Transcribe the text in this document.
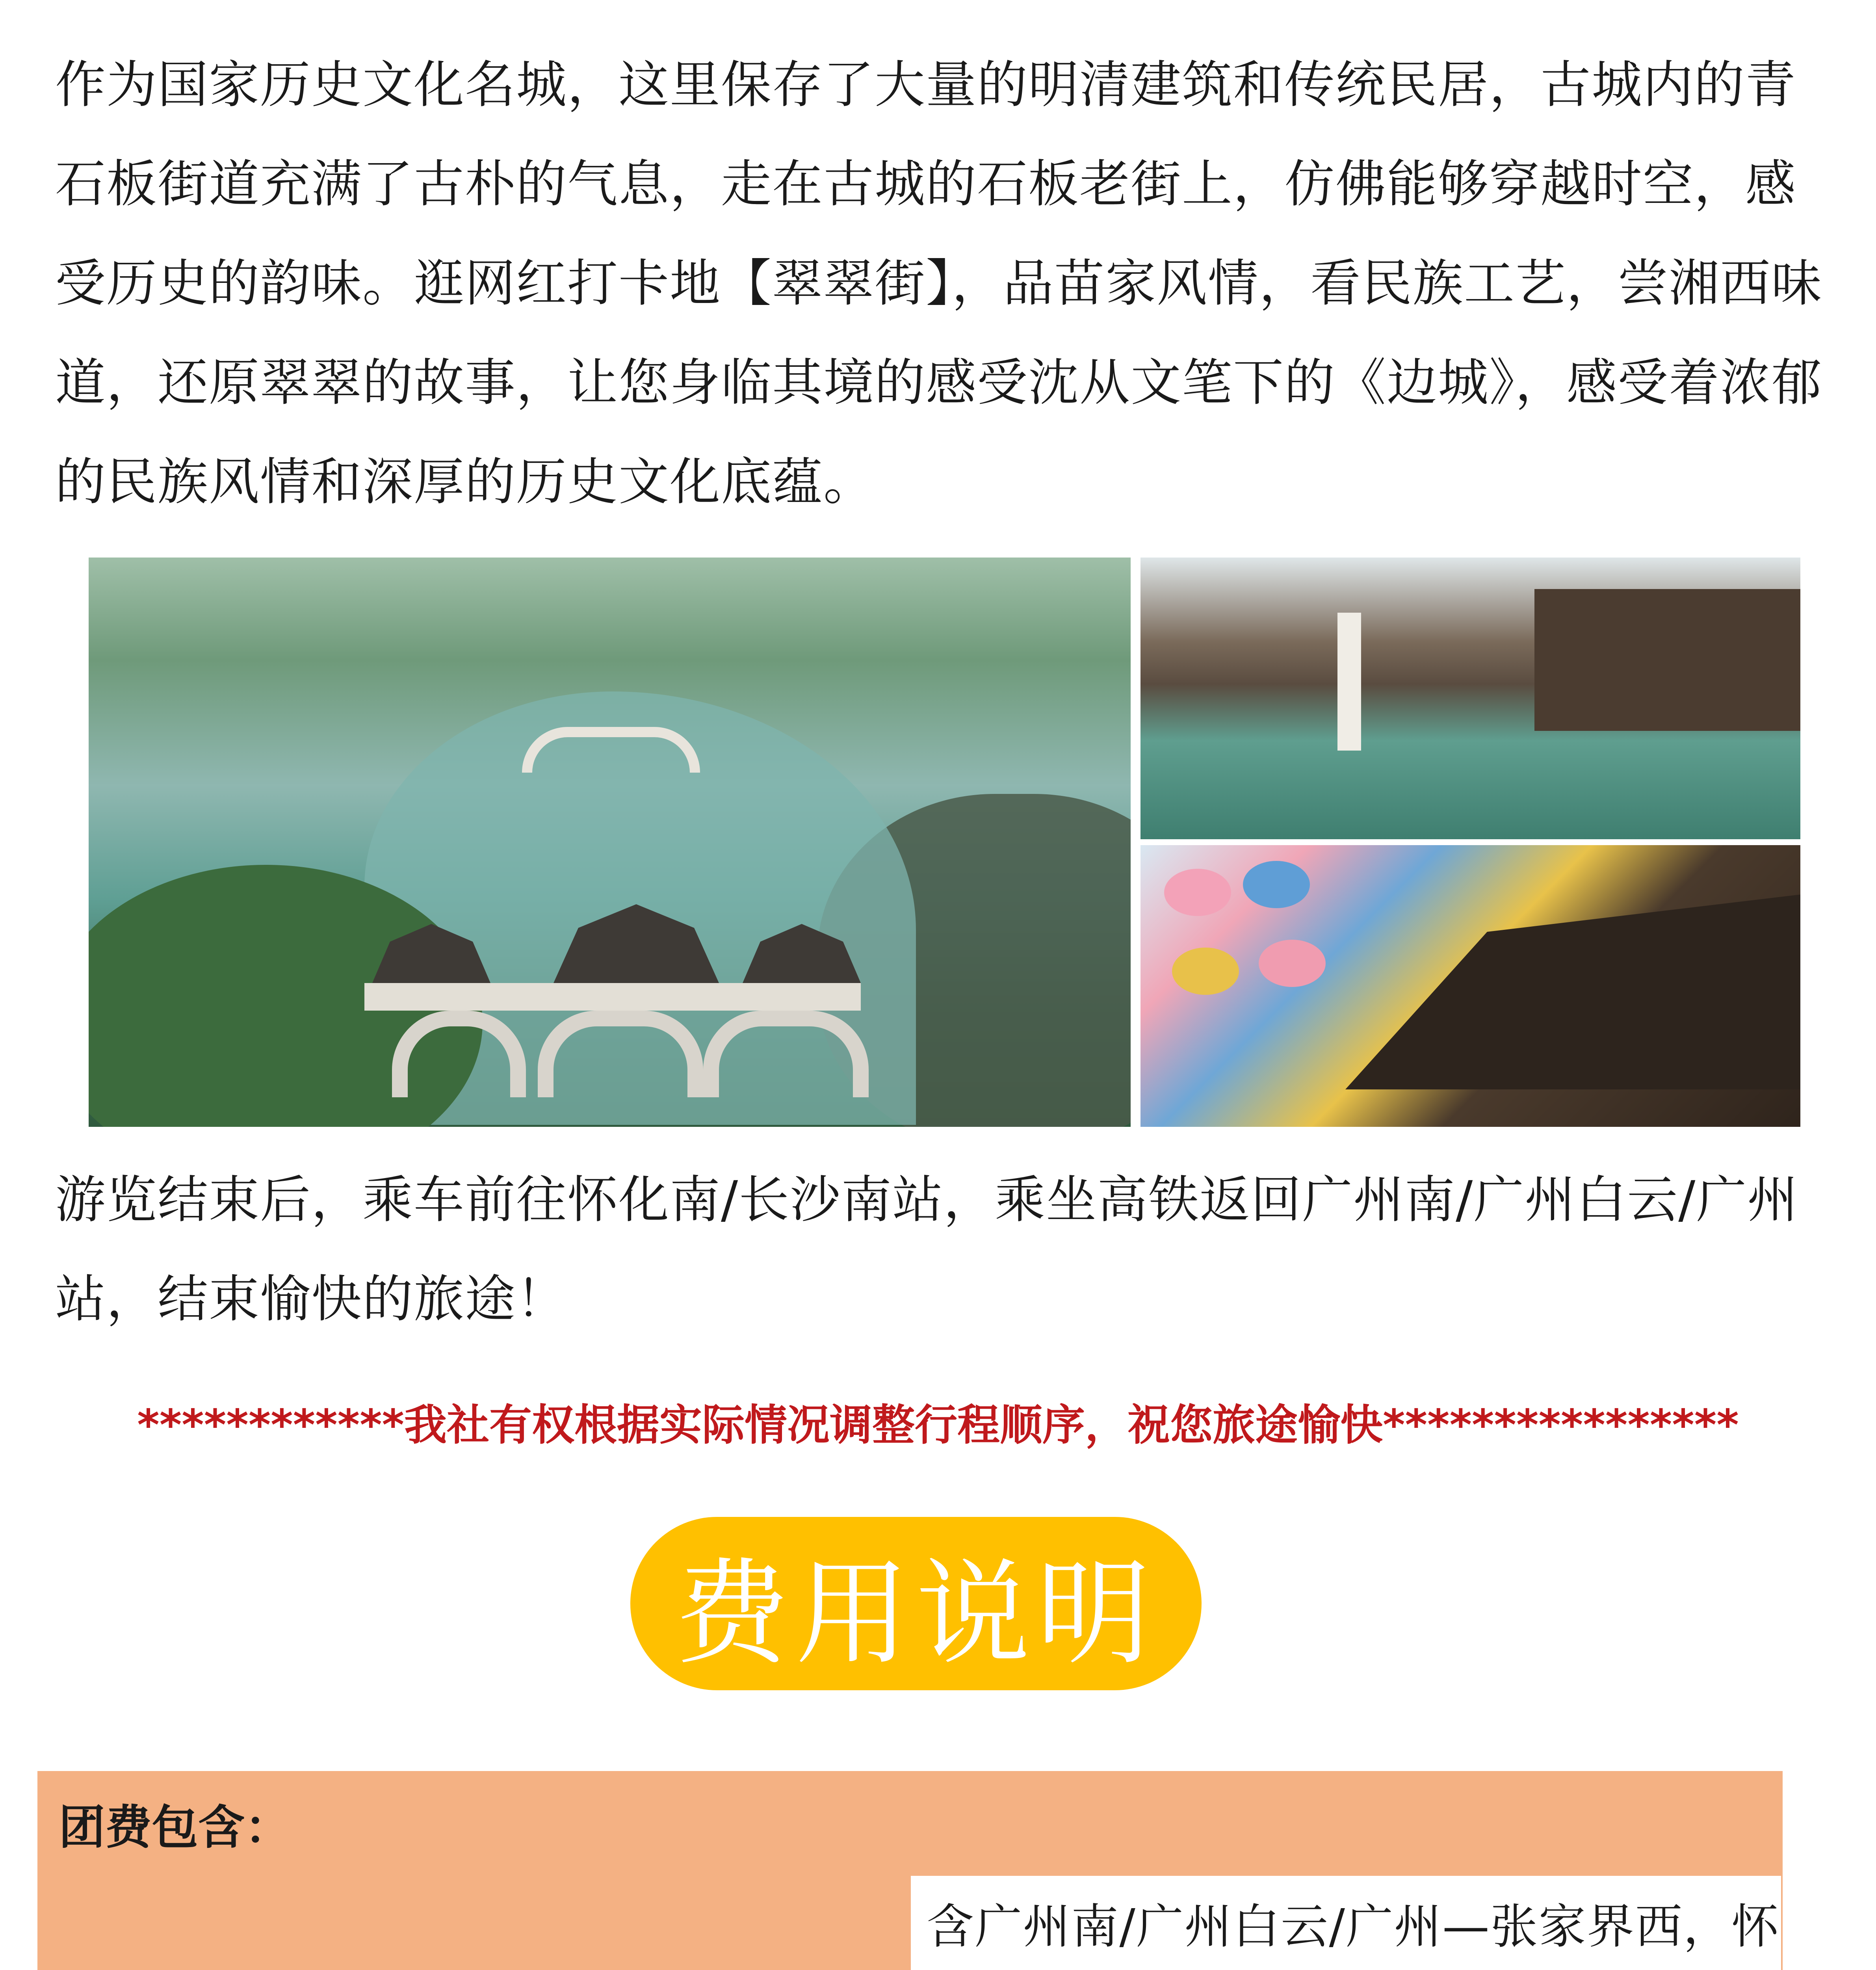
作为国家历史文化名城，这里保存了大量的明清建筑和传统民居，古城内的青石板街道充满了古朴的气息，走在古城的石板老街上，仿佛能够穿越时空，感受历史的韵味。逛网红打卡地【翠翠街】，品苗家风情，看民族工艺，尝湘西味道，还原翠翠的故事，让您身临其境的感受沈从文笔下的《边城》，感受着浓郁的民族风情和深厚的历史文化底蕴。

游览结束后，乘车前往怀化南/长沙南站，乘坐高铁返回广州南/广州白云/广州站，结束愉快的旅途！

************我社有权根据实际情况调整行程顺序，祝您旅途愉快****************

费用说明
团费包含：

含广州南/广州白云/广州—张家界西，怀
